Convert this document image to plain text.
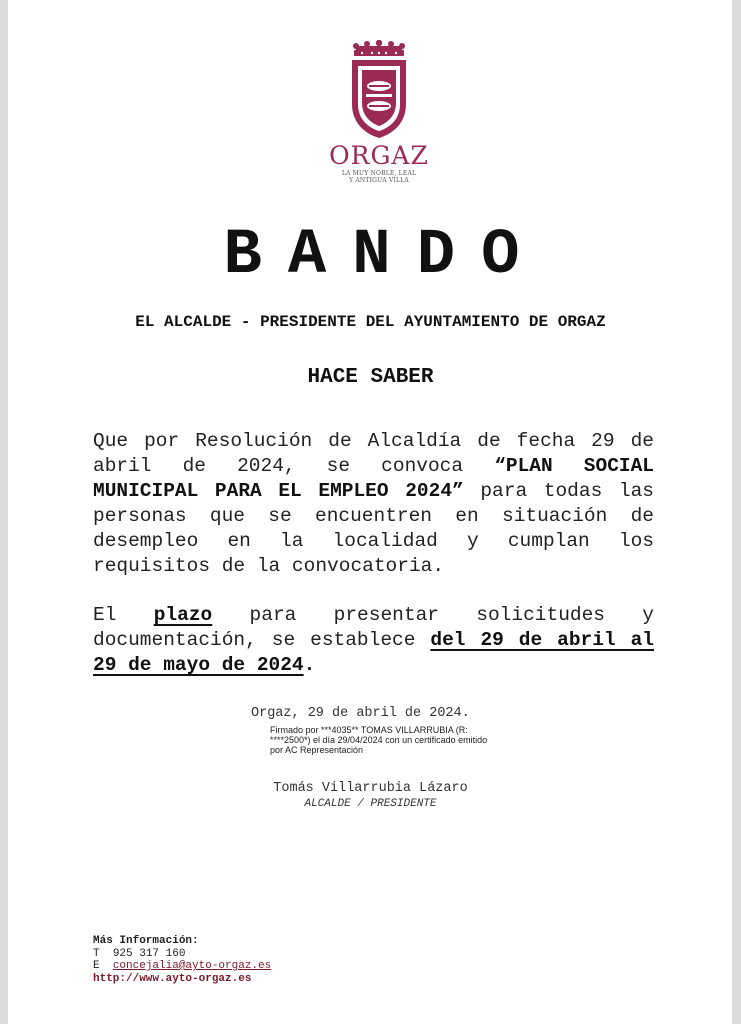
ORGAZ
LA MUY NOBLE, LEAL
Y ANTIGUA VILLA
BANDO
EL ALCALDE - PRESIDENTE DEL AYUNTAMIENTO DE ORGAZ
HACE SABER
Que por Resolución de Alcaldía de fecha 29 de abril de 2024, se convoca “PLAN SOCIAL MUNICIPAL PARA EL EMPLEO 2024” para todas las personas que se encuentren en situación de desempleo en la localidad y cumplan los requisitos de la convocatoria.
El plazo para presentar solicitudes y documentación, se establece del 29 de abril al 29 de mayo de 2024.
Orgaz, 29 de abril de 2024.
Firmado por ***4035** TOMAS VILLARRUBIA (R: ****2500*) el día 29/04/2024 con un certificado emitido por AC Representación
Tomás Villarrubia Lázaro
ALCALDE / PRESIDENTE
Más Información:
T 925 317 160
E concejalia@ayto-orgaz.es
http://www.ayto-orgaz.es
